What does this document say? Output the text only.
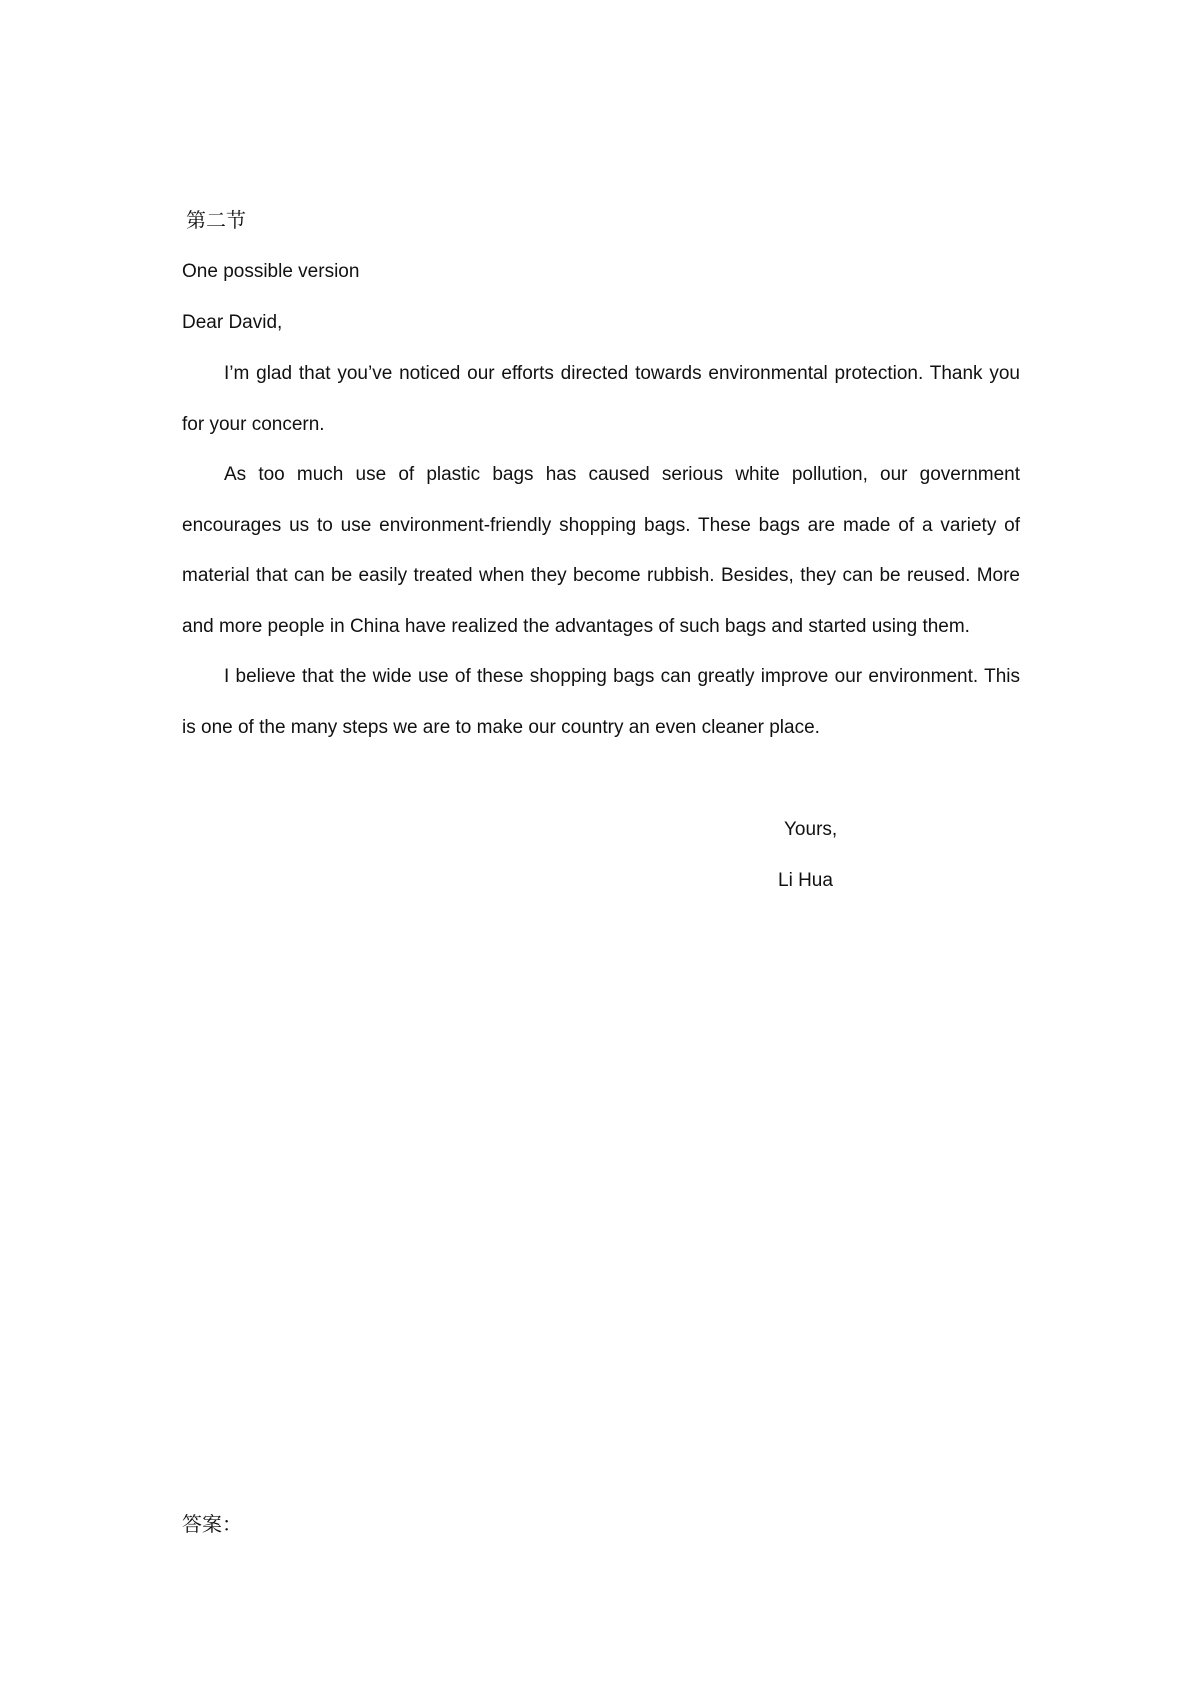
第二节
One possible version
Dear David,
I’m glad that you’ve noticed our efforts directed towards environmental protection. Thank you for your concern.
As too much use of plastic bags has caused serious white pollution, our government encourages us to use environment-friendly shopping bags. These bags are made of a variety of material that can be easily treated when they become rubbish. Besides, they can be reused. More and more people in China have realized the advantages of such bags and started using them.
I believe that the wide use of these shopping bags can greatly improve our environment. This is one of the many steps we are to make our country an even cleaner place.
Yours,
Li Hua
答案：
